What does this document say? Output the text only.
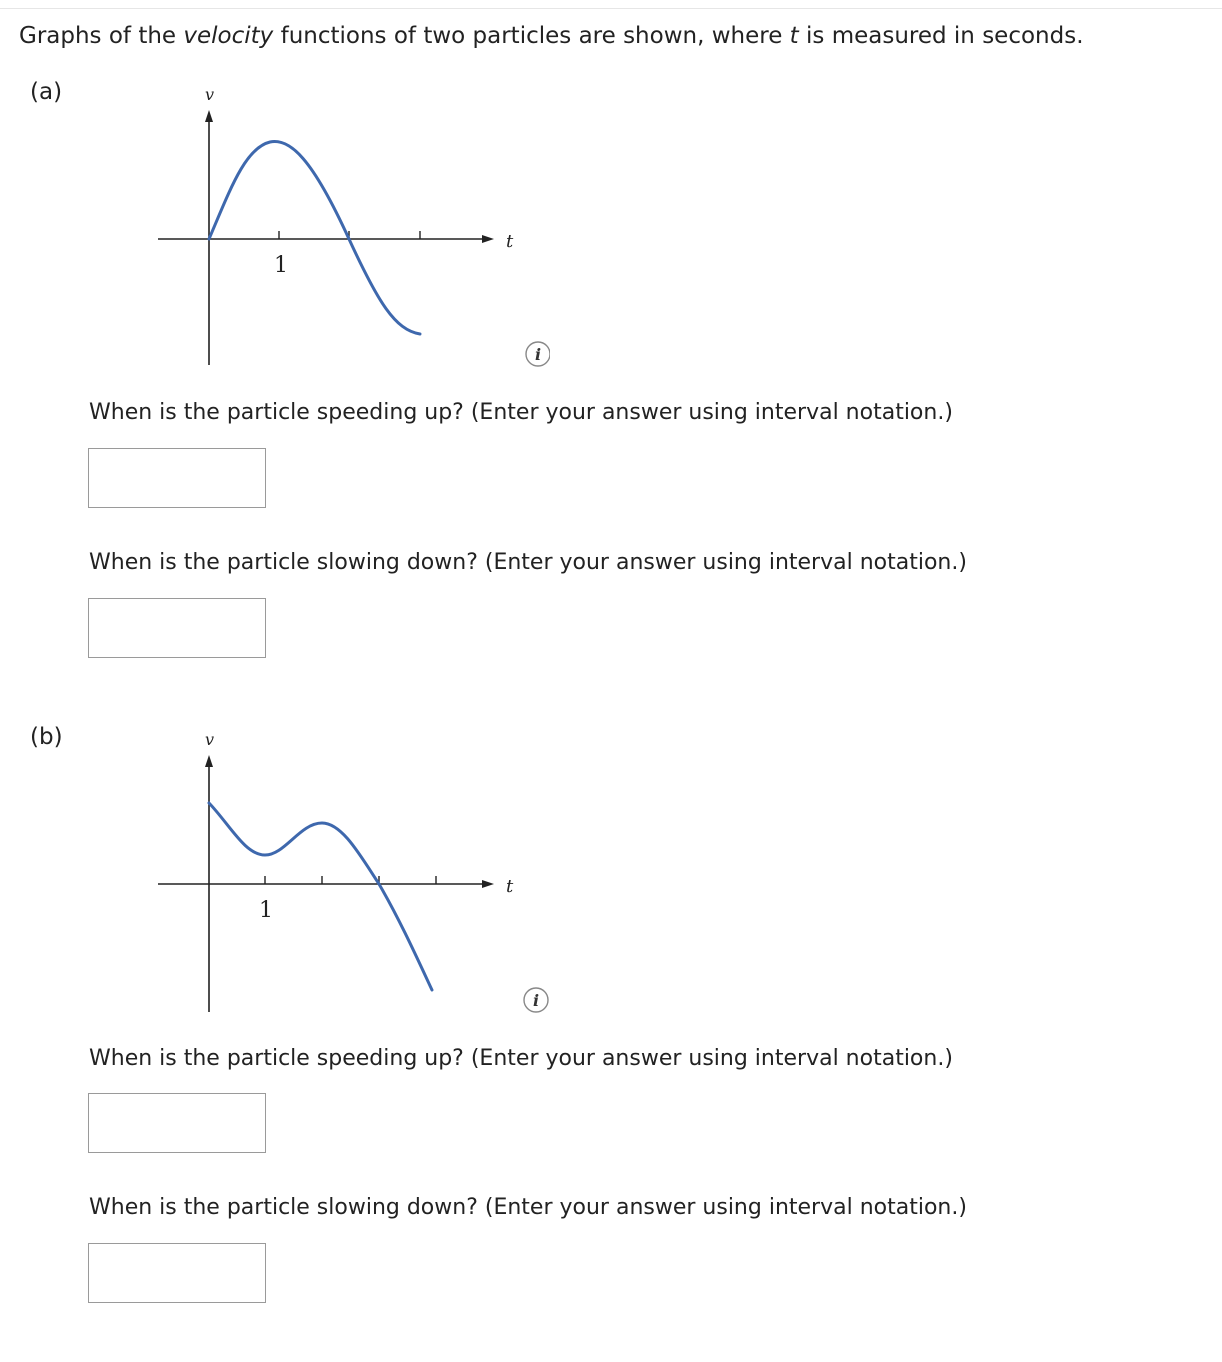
Graphs of the velocity functions of two particles are shown, where t is measured in seconds.
(a)	v
t
1
i
When is the particle speeding up? (Enter your answer using interval notation.)
When is the particle slowing down? (Enter your answer using interval notation.)
(b)	v
t
1
i
When is the particle speeding up? (Enter your answer using interval notation.)
When is the particle slowing down? (Enter your answer using interval notation.)
